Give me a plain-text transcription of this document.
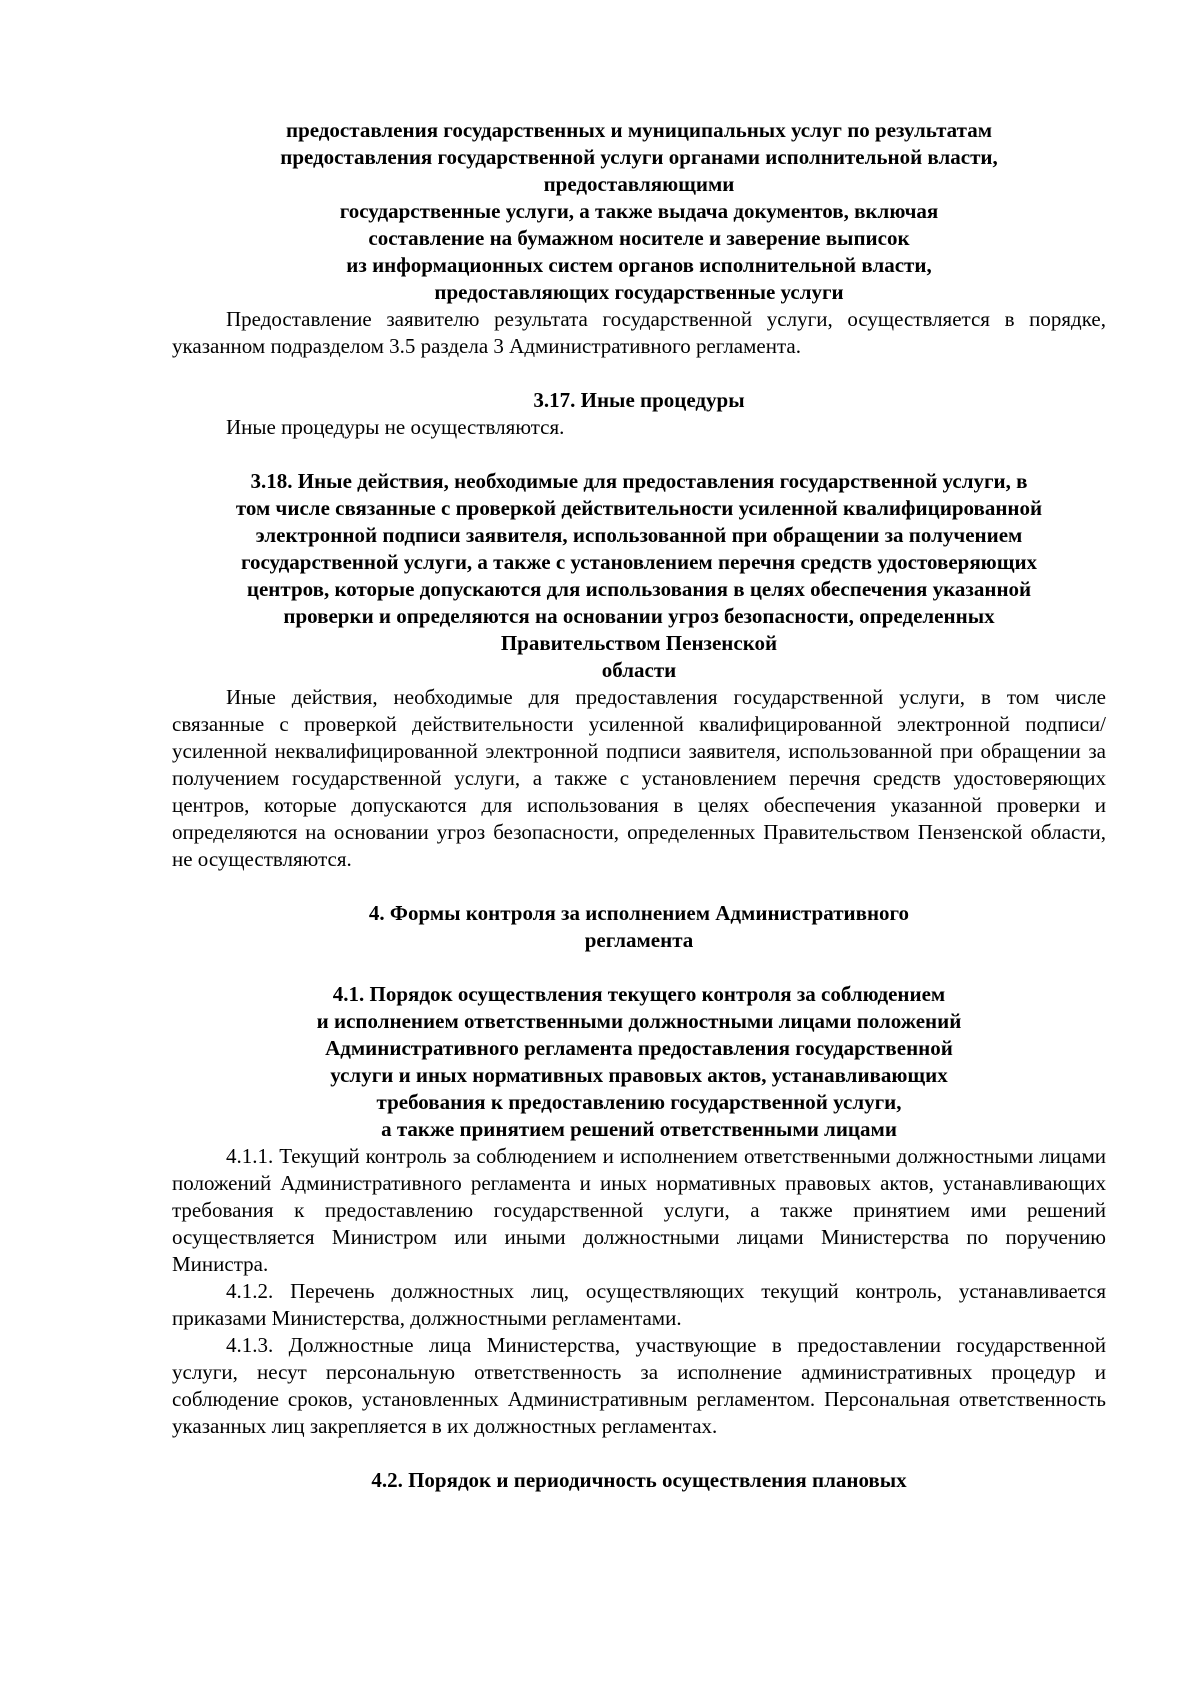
предоставления государственных и муниципальных услуг по результатам
предоставления государственной услуги органами исполнительной власти,
предоставляющими
государственные услуги, а также выдача документов, включая
составление на бумажном носителе и заверение выписок
из информационных систем органов исполнительной власти,
предоставляющих государственные услуги

Предоставление заявителю результата государственной услуги, осуществляется в порядке, указанном подразделом 3.5 раздела 3 Административного регламента.

3.17. Иные процедуры

Иные процедуры не осуществляются.

3.18. Иные действия, необходимые для предоставления государственной услуги, в
том числе связанные с проверкой действительности усиленной квалифицированной
электронной подписи заявителя, использованной при обращении за получением
государственной услуги, а также с установлением перечня средств удостоверяющих
центров, которые допускаются для использования в целях обеспечения указанной
проверки и определяются на основании угроз безопасности, определенных
Правительством Пензенской
области

Иные действия, необходимые для предоставления государственной услуги, в том числе связанные с проверкой действительности усиленной квалифицированной электронной подписи/ усиленной неквалифицированной электронной подписи заявителя, использованной при обращении за получением государственной услуги, а также с установлением перечня средств удостоверяющих центров, которые допускаются для использования в целях обеспечения указанной проверки и определяются на основании угроз безопасности, определенных Правительством Пензенской области, не осуществляются.

4. Формы контроля за исполнением Административного
регламента
4.1. Порядок осуществления текущего контроля за соблюдением
и исполнением ответственными должностными лицами положений
Административного регламента предоставления государственной
услуги и иных нормативных правовых актов, устанавливающих
требования к предоставлению государственной услуги,
а также принятием решений ответственными лицами

4.1.1. Текущий контроль за соблюдением и исполнением ответственными должностными лицами положений Административного регламента и иных нормативных правовых актов, устанавливающих требования к предоставлению государственной услуги, а также принятием ими решений осуществляется Министром или иными должностными лицами Министерства по поручению Министра.

4.1.2. Перечень должностных лиц, осуществляющих текущий контроль, устанавливается приказами Министерства, должностными регламентами.

4.1.3. Должностные лица Министерства, участвующие в предоставлении государственной услуги, несут персональную ответственность за исполнение административных процедур и соблюдение сроков, установленных Административным регламентом. Персональная ответственность указанных лиц закрепляется в их должностных регламентах.

4.2. Порядок и периодичность осуществления плановых
